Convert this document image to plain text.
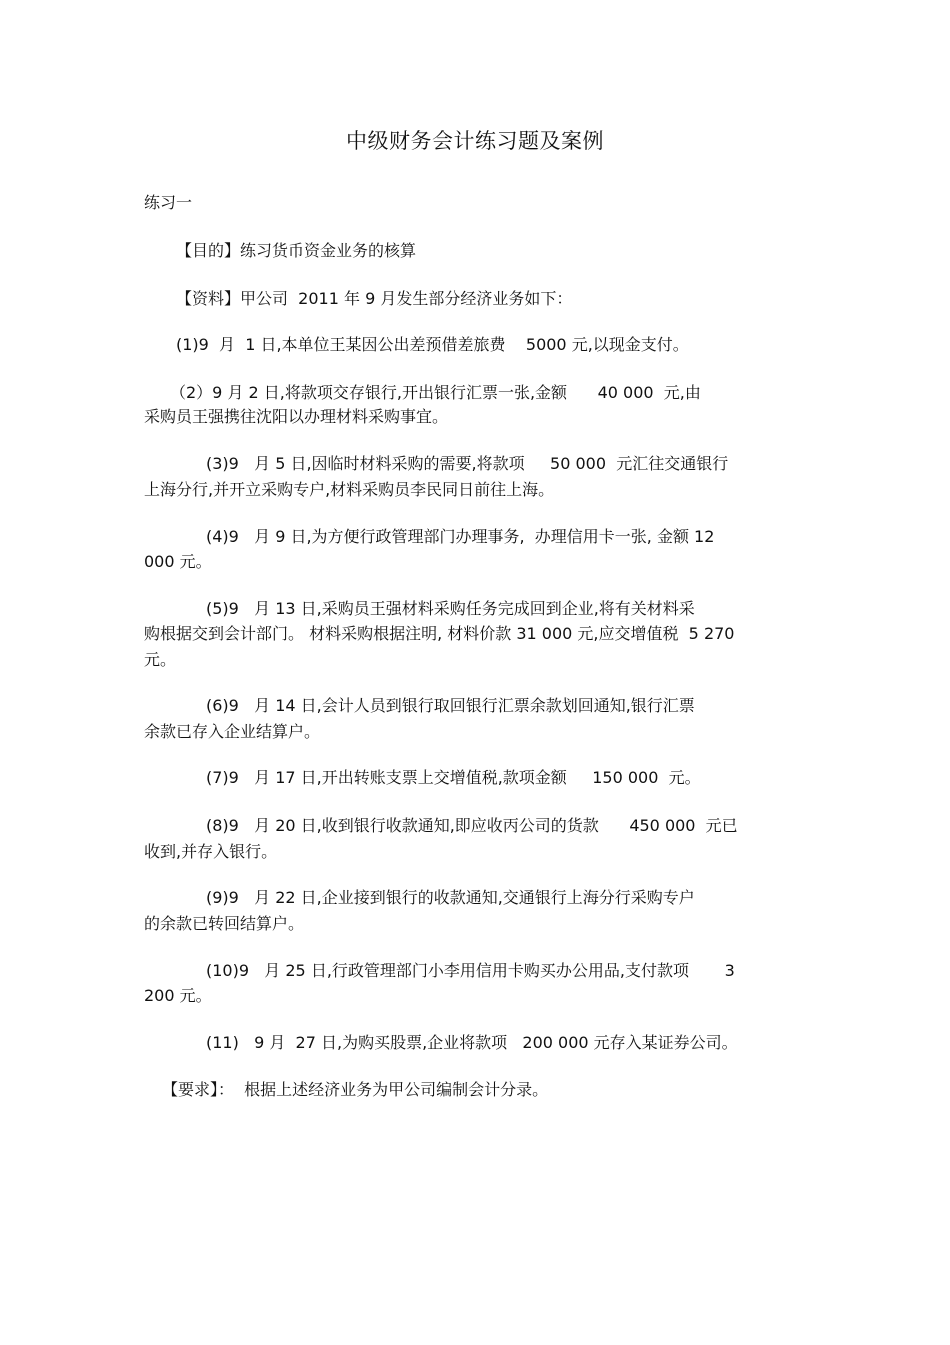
中级财务会计练习题及案例
练习一
【目的】练习货币资金业务的核算
【资料】甲公司  2011 年 9 月发生部分经济业务如下：
(1)9  月  1 日,本单位王某因公出差预借差旅费    5000 元,以现金支付。
（2）9 月 2 日,将款项交存银行,开出银行汇票一张,金额      40 000  元,由
采购员王强携往沈阳以办理材料采购事宜。
(3)9   月 5 日,因临时材料采购的需要,将款项     50 000  元汇往交通银行
上海分行,并开立采购专户,材料采购员李民同日前往上海。
(4)9   月 9 日,为方便行政管理部门办理事务,  办理信用卡一张, 金额 12
000 元。
(5)9   月 13 日,采购员王强材料采购任务完成回到企业,将有关材料采
购根据交到会计部门。 材料采购根据注明, 材料价款 31 000 元,应交增值税  5 270
元。
(6)9   月 14 日,会计人员到银行取回银行汇票余款划回通知,银行汇票
余款已存入企业结算户。
(7)9   月 17 日,开出转账支票上交增值税,款项金额     150 000  元。
(8)9   月 20 日,收到银行收款通知,即应收丙公司的货款      450 000  元已
收到,并存入银行。
(9)9   月 22 日,企业接到银行的收款通知,交通银行上海分行采购专户
的余款已转回结算户。
(10)9   月 25 日,行政管理部门小李用信用卡购买办公用品,支付款项       3
200 元。
(11)   9 月  27 日,为购买股票,企业将款项   200 000 元存入某证券公司。
【要求】：  根据上述经济业务为甲公司编制会计分录。
